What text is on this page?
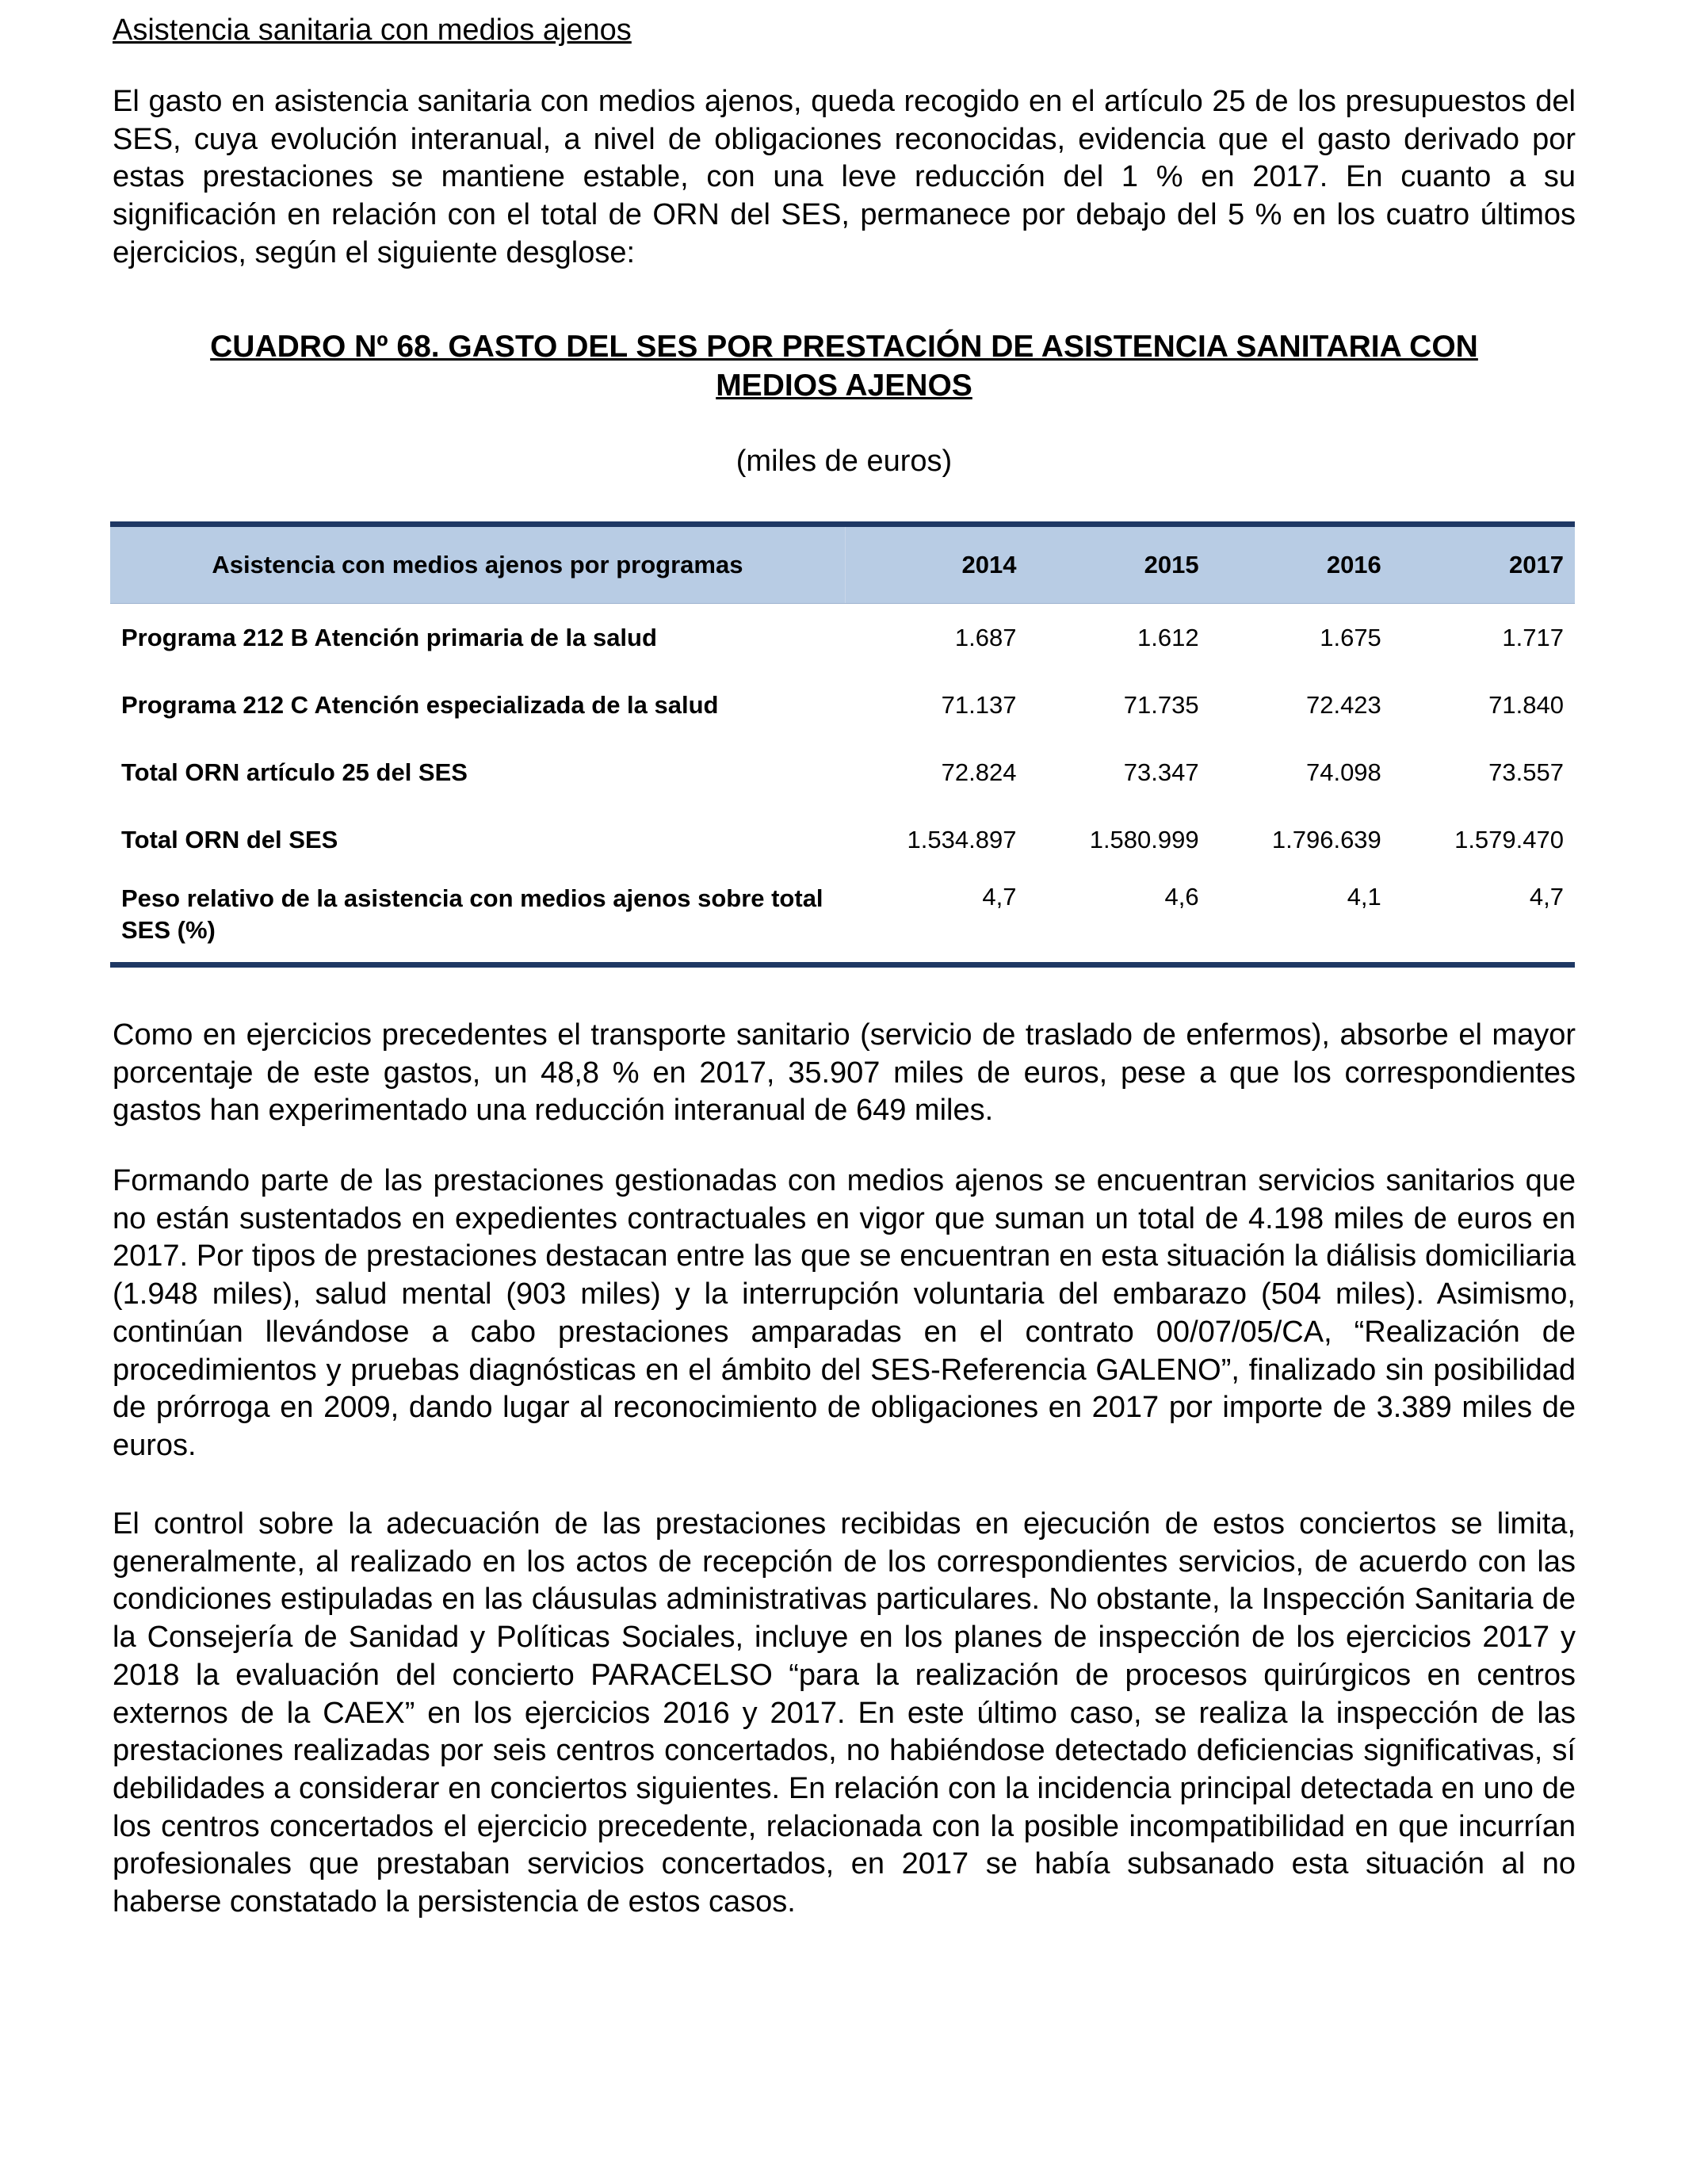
Asistencia sanitaria con medios ajenos

El gasto en asistencia sanitaria con medios ajenos, queda recogido en el artículo 25 de los presupuestos del SES, cuya evolución interanual, a nivel de obligaciones reconocidas, evidencia que el gasto derivado por estas prestaciones se mantiene estable, con una leve reducción del 1 % en 2017. En cuanto a su significación en relación con el total de ORN del SES, permanece por debajo del 5 % en los cuatro últimos ejercicios, según el siguiente desglose:

CUADRO Nº 68. GASTO DEL SES POR PRESTACIÓN DE ASISTENCIA SANITARIA CON
MEDIOS AJENOS
(miles de euros)
Asistencia con medios ajenos por programas	2014	2015	2016	2017
Programa 212 B Atención primaria de la salud	1.687	1.612	1.675	1.717
Programa 212 C Atención especializada de la salud	71.137	71.735	72.423	71.840
Total ORN artículo 25 del SES	72.824	73.347	74.098	73.557
Total ORN del SES	1.534.897	1.580.999	1.796.639	1.579.470
Peso relativo de la asistencia con medios ajenos sobre total SES (%)	4,7	4,6	4,1	4,7

Como en ejercicios precedentes el transporte sanitario (servicio de traslado de enfermos), absorbe el mayor porcentaje de este gastos, un 48,8 % en 2017, 35.907 miles de euros, pese a que los correspondientes gastos han experimentado una reducción interanual de 649 miles.

Formando parte de las prestaciones gestionadas con medios ajenos se encuentran servicios sanitarios que no están sustentados en expedientes contractuales en vigor que suman un total de 4.198 miles de euros en 2017. Por tipos de prestaciones destacan entre las que se encuentran en esta situación la diálisis domiciliaria (1.948 miles), salud mental (903 miles) y la interrupción voluntaria del embarazo (504 miles). Asimismo, continúan llevándose a cabo prestaciones amparadas en el contrato 00/07/05/CA, “Realización de procedimientos y pruebas diagnósticas en el ámbito del SES-Referencia GALENO”, finalizado sin posibilidad de prórroga en 2009, dando lugar al reconocimiento de obligaciones en 2017 por importe de 3.389 miles de euros.

El control sobre la adecuación de las prestaciones recibidas en ejecución de estos conciertos se limita, generalmente, al realizado en los actos de recepción de los correspondientes servicios, de acuerdo con las condiciones estipuladas en las cláusulas administrativas particulares. No obstante, la Inspección Sanitaria de la Consejería de Sanidad y Políticas Sociales, incluye en los planes de inspección de los ejercicios 2017 y 2018 la evaluación del concierto PARACELSO “para la realización de procesos quirúrgicos en centros externos de la CAEX” en los ejercicios 2016 y 2017. En este último caso, se realiza la inspección de las prestaciones realizadas por seis centros concertados, no habiéndose detectado deficiencias significativas, sí debilidades a considerar en conciertos siguientes. En relación con la incidencia principal detectada en uno de los centros concertados el ejercicio precedente, relacionada con la posible incompatibilidad en que incurrían profesionales que prestaban servicios concertados, en 2017 se había subsanado esta situación al no haberse constatado la persistencia de estos casos.
